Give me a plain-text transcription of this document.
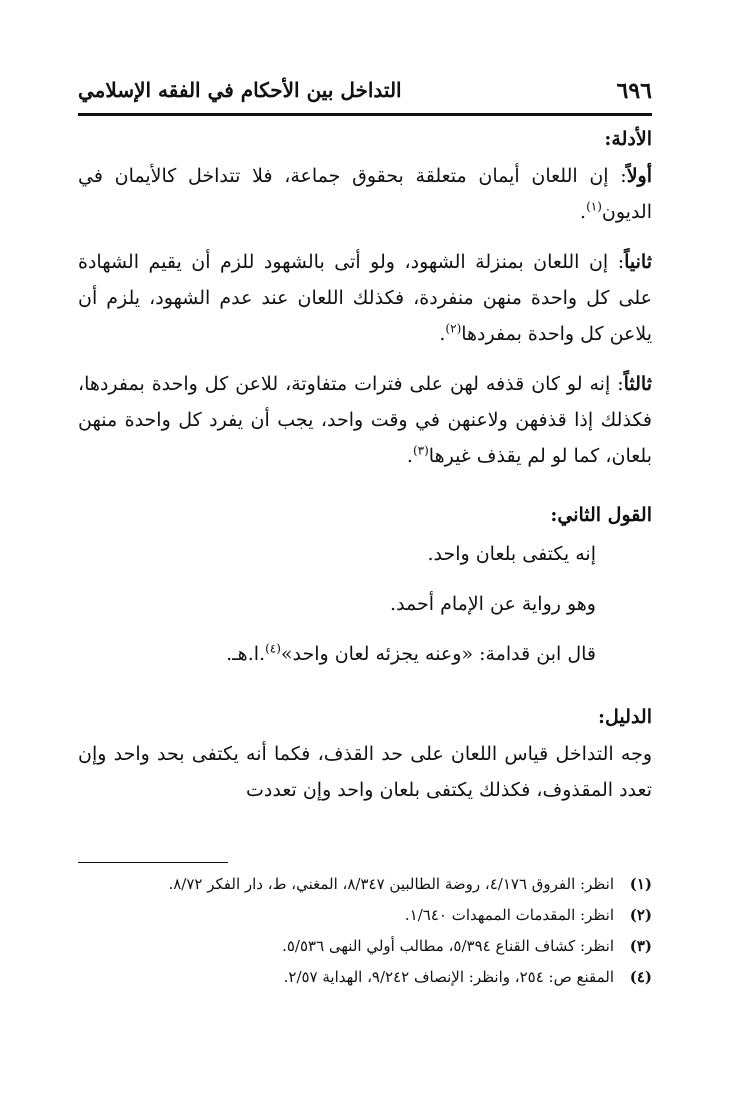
٦٩٦
التداخل بين الأحكام في الفقه الإسلامي
الأدلة:

أولاً: إن اللعان أيمان متعلقة بحقوق جماعة، فلا تتداخل كالأيمان في الديون$^{(١)}$.

ثانياً: إن اللعان بمنزلة الشهود، ولو أتى بالشهود للزم أن يقيم الشهادة على كل واحدة منهن منفردة، فكذلك اللعان عند عدم الشهود، يلزم أن يلاعن كل واحدة بمفردها$^{(٢)}$.

ثالثاً: إنه لو كان قذفه لهن على فترات متفاوتة، للاعن كل واحدة بمفردها، فكذلك إذا قذفهن ولاعنهن في وقت واحد، يجب أن يفرد كل واحدة منهن بلعان، كما لو لم يقذف غيرها$^{(٣)}$.

القول الثاني:

إنه يكتفى بلعان واحد.

وهو رواية عن الإمام أحمد.

قال ابن قدامة: «وعنه يجزئه لعان واحد»$^{(٤)}$.ا.هـ.

الدليل:

وجه التداخل قياس اللعان على حد القذف، فكما أنه يكتفى بحد واحد وإن تعدد المقذوف، فكذلك يكتفى بلعان واحد وإن تعددت

(١)انظر: الفروق ٤/١٧٦، روضة الطالبين ٨/٣٤٧، المغني، ط، دار الفكر ٨/٧٢.
(٢)انظر: المقدمات الممهدات ١/٦٤٠.
(٣)انظر: كشاف القناع ٥/٣٩٤، مطالب أولي النهى ٥/٥٣٦.
(٤)المقنع ص: ٢٥٤، وانظر: الإنصاف ٩/٢٤٢، الهداية ٢/٥٧.
